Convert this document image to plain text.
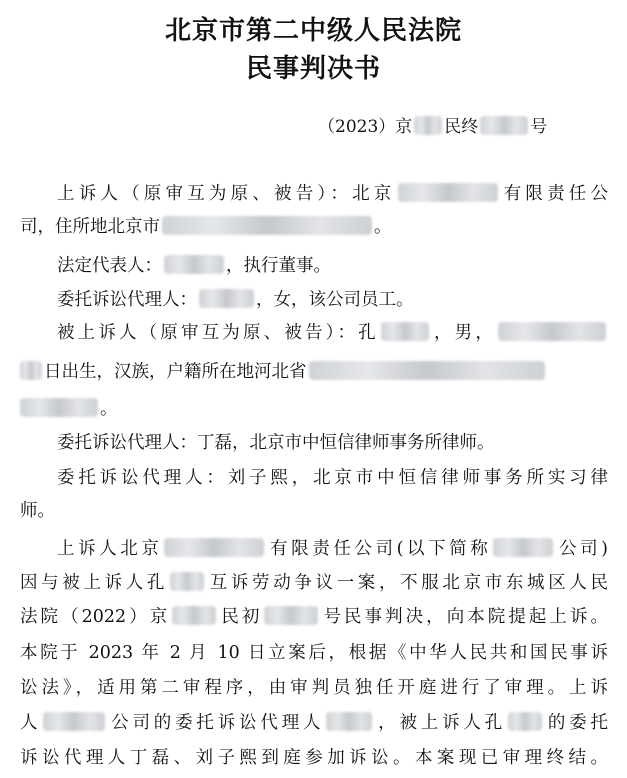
北京市第二中级人民法院
民事判决书
（2023）京 民终	号
上诉人（原审互为原、被告）：北京	有限责任公
司，住所地北京市	。
法定代表人：	，执行董事。
委托诉讼代理人：	，女，该公司员工。
被上诉人（原审互为原、被告）：孔	，男，
日出生，汉族，户籍所在地河北省
。
委托诉讼代理人：丁磊，北京市中恒信律师事务所律师。
委托诉讼代理人：刘子熙，北京市中恒信律师事务所实习律
师。
上诉人北京	有限责任公司(以下简称	公司)
因与被上诉人孔 互诉劳动争议一案，不服北京市东城区人民
法院（2022）京	民初	号民事判决，向本院提起上诉。
本院于 2023 年 2 月 10 日立案后，根据《中华人民共和国民事诉
讼法》，适用第二审程序，由审判员独任开庭进行了审理。上诉
人	公司的委托诉讼代理人	，被上诉人孔 的委托
诉讼代理人丁磊、刘子熙到庭参加诉讼。本案现已审理终结。
